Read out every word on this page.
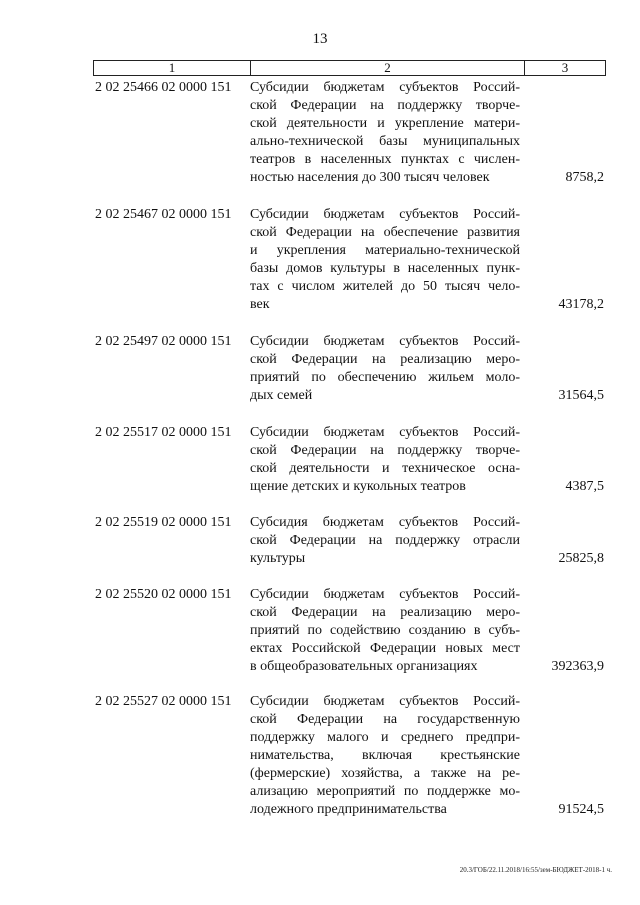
13
1	2	3
2 02 25466 02 0000 151	Субсидии бюджетам субъектов Россий-
ской Федерации на поддержку творче-
ской деятельности и укрепление матери-
ально-технической базы муниципальных
театров в населенных пунктах с числен-
ностью населения до 300 тысяч человек	8758,2
2 02 25467 02 0000 151	Субсидии бюджетам субъектов Россий-
ской Федерации на обеспечение развития
и укрепления материально-технической
базы домов культуры в населенных пунк-
тах с числом жителей до 50 тысяч чело-
век	43178,2
2 02 25497 02 0000 151	Субсидии бюджетам субъектов Россий-
ской Федерации на реализацию меро-
приятий по обеспечению жильем моло-
дых семей	31564,5
2 02 25517 02 0000 151	Субсидии бюджетам субъектов Россий-
ской Федерации на поддержку творче-
ской деятельности и техническое осна-
щение детских и кукольных театров	4387,5
2 02 25519 02 0000 151	Субсидия бюджетам субъектов Россий-
ской Федерации на поддержку отрасли
культуры	25825,8
2 02 25520 02 0000 151	Субсидии бюджетам субъектов Россий-
ской Федерации на реализацию меро-
приятий по содействию созданию в субъ-
ектах Российской Федерации новых мест
в общеобразовательных организациях	392363,9
2 02 25527 02 0000 151	Субсидии бюджетам субъектов Россий-
ской Федерации на государственную
поддержку малого и среднего предпри-
нимательства, включая крестьянские
(фермерские) хозяйства, а также на ре-
ализацию мероприятий по поддержке мо-
лодежного предпринимательства	91524,5
20.3/ГОБ/22.11.2018/16:55/зем-БЮДЖЕТ-2018-1 ч.
